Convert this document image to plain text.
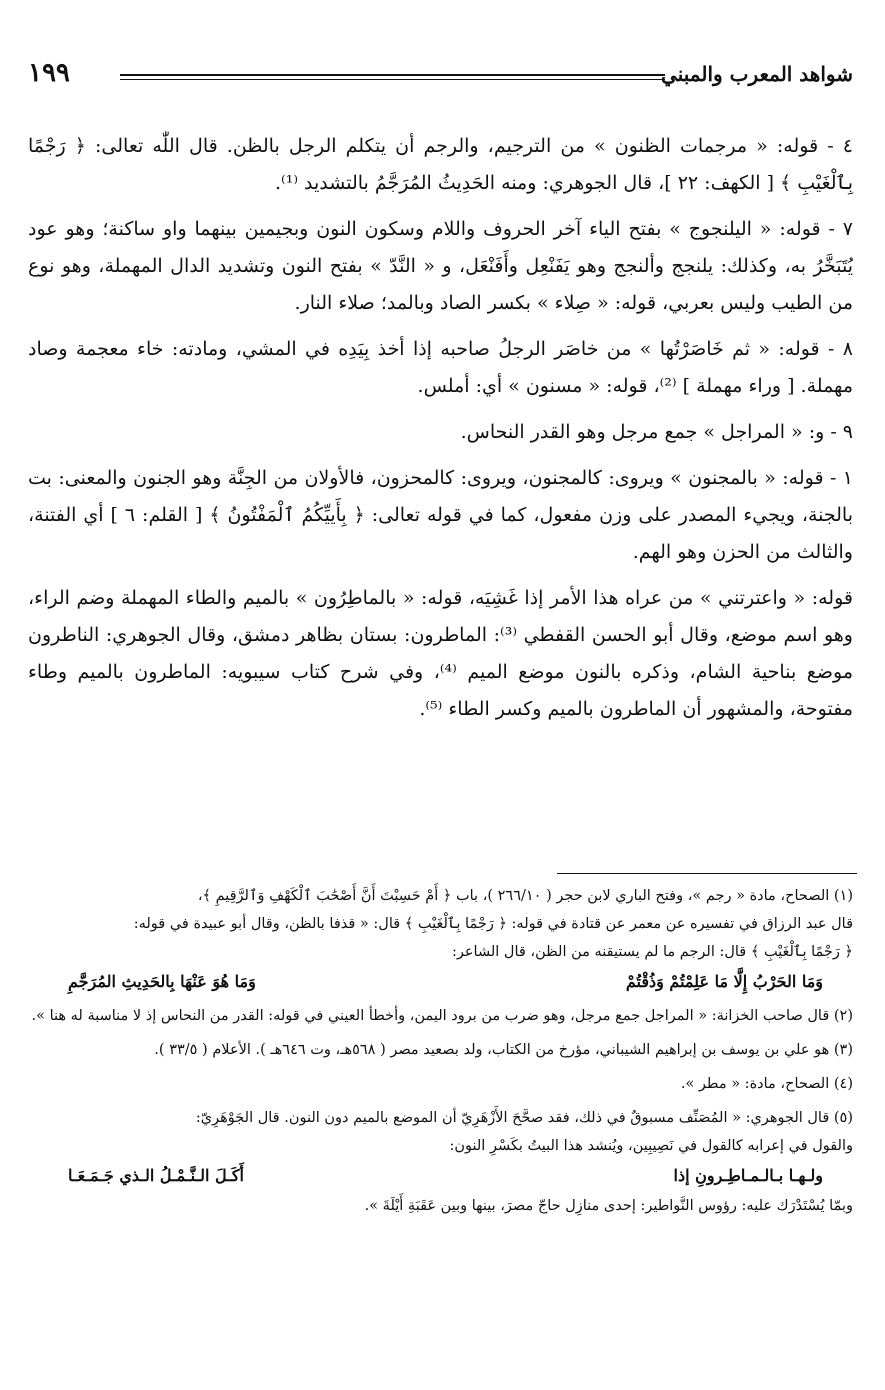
شواهد المعرب والمبني
١٩٩

٤ - قوله: « مرجمات الظنون » من الترجيم، والرجم أن يتكلم الرجل بالظن. قال اللّٰه تعالى: ﴿ رَجْمًا بِٱلْغَيْبِ ﴾ [ الكهف: ٢٢ ]، قال الجوهري: ومنه الحَدِيثُ المُرَجَّمُ بالتشديد ⁽¹⁾.

٧ - قوله: « اليلنجوج » بفتح الياء آخر الحروف واللام وسكون النون وبجيمين بينهما واو ساكنة؛ وهو عود يُتَبَخَّرُ به، وكذلك: يلنجج وألنجج وهو يَفَنْعِل وأَفَنْعَل، و « النَّدّ » بفتح النون وتشديد الدال المهملة، وهو نوع من الطيب وليس بعربي، قوله: « صِلاء » بكسر الصاد وبالمد؛ صلاء النار.

٨ - قوله: « ثم خَاصَرْتُها » من خاصَر الرجلُ صاحبه إذا أخذ بِيَدِه في المشي، ومادته: خاء معجمة وصاد مهملة. [ وراء مهملة ] ⁽²⁾، قوله: « مسنون » أي: أملس.

٩ - و: « المراجل » جمع مرجل وهو القدر النحاس.

١ - قوله: « بالمجنون » ويروى: كالمجنون، ويروى: كالمحزون، فالأولان من الجِنَّة وهو الجنون والمعنى: بت بالجنة، ويجيء المصدر على وزن مفعول، كما في قوله تعالى: ﴿ بِأَييِّكُمُ ٱلْمَفْتُونُ ﴾ [ القلم: ٦ ] أي الفتنة، والثالث من الحزن وهو الهم.

قوله: « واعترتني » من عراه هذا الأمر إذا غَشِيَه، قوله: « بالماطِرُون » بالميم والطاء المهملة وضم الراء، وهو اسم موضع، وقال أبو الحسن القفطي ⁽³⁾: الماطرون: بستان بظاهر دمشق، وقال الجوهري: الناطرون موضع بناحية الشام، وذكره بالنون موضع الميم ⁽⁴⁾، وفي شرح كتاب سيبويه: الماطرون بالميم وطاء مفتوحة، والمشهور أن الماطرون بالميم وكسر الطاء ⁽⁵⁾.

(١) الصحاح، مادة « رجم »، وفتح الباري لابن حجر ( ٢٦٦/١٠ )، باب ﴿ أَمْ حَسِبْتَ أَنَّ أَصْحَٰبَ ٱلْكَهْفِ وَٱلرَّقِيمِ ﴾،

قال عبد الرزاق في تفسيره عن معمر عن قتادة في قوله: ﴿ رَجْمًا بِٱلْغَيْبِ ﴾ قال: « قذفا بالظن، وقال أبو عبيدة في قوله:

﴿ رَجْمًا بِٱلْغَيْبِ ﴾ قال: الرجم ما لم يستيقنه من الظن، قال الشاعر:

وَمَا الحَرْبُ إِلَّا مَا عَلِمْتُمْ وَذُقْتُمْ
وَمَا هُوَ عَنْهَا بِالحَدِيثِ المُرَجَّمِ

(٢) قال صاحب الخزانة: « المراجل جمع مرجل، وهو ضرب من برود اليمن، وأخطأ العيني في قوله: القدر من النحاس إذ لا مناسبة له هنا ».

(٣) هو علي بن يوسف بن إبراهيم الشيباني، مؤرخ من الكتاب، ولد بصعيد مصر ( ٥٦٨هـ، وت ٦٤٦هـ ). الأعلام ( ٣٣/٥ ).

(٤) الصحاح، مادة: « مطر ».

(٥) قال الجوهري: « المُصَنِّف مسبوقٌ في ذلك، فقد صحَّحَ الأَزْهَرِيّ أن الموضع بالميم دون النون. قال الجَوْهَرِيّ:

والقول في إعرابه كالقول في نَصِيبِين، ويُنشد هذا البيتُ بكَسْرِ النون:

ولـهـا بـالـمـاطِـرونِ إذا
أَكَـلَ الـنَّـمْـلُ الـذي جَـمَـعَـا

وبمّا يُسْتَدْرَك عليه: رؤوس النَّواطير: إحدى منازِل حاجّ مصرَ، بينها وبين عَقَبَةِ أَيْلَةَ ».
